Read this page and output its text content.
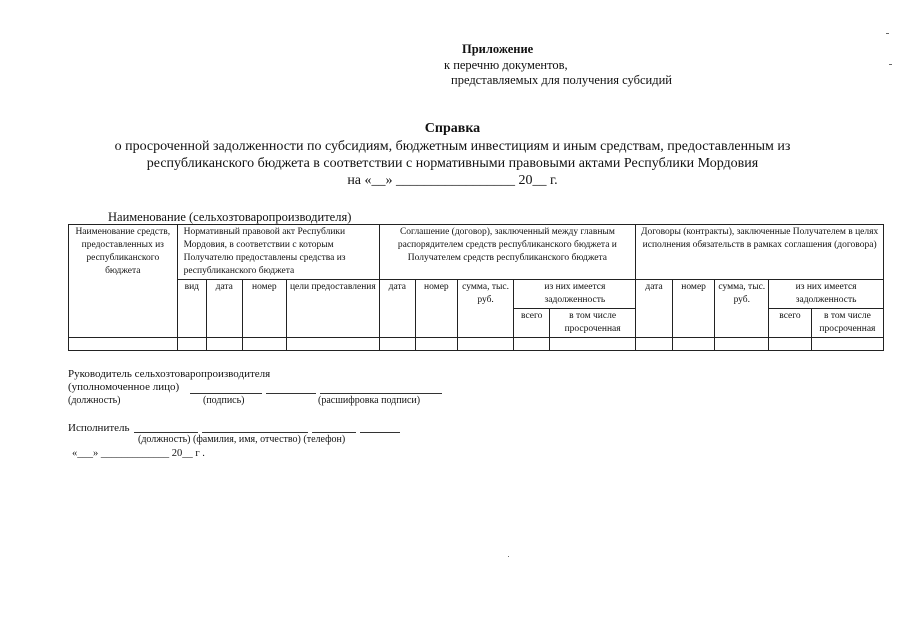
Приложение
к перечню документов,
представляемых для получения субсидий
Справка
о просроченной задолженности по субсидиям, бюджетным инвестициям и иным средствам, предоставленным из
республиканского бюджета в соответствии с нормативными правовыми актами Республики Мордовия
на «__» _________________ 20__ г.
Наименование (сельхозтоваропроизводителя)
Наименование средств, предоставленных из республиканского бюджета	Нормативный правовой акт Республики Мордовия, в соответствии с которым Получателю предоставлены средства из республиканского бюджета				Соглашение (договор), заключенный между главным распорядителем средств республиканского бюджета и Получателем средств республиканского бюджета					Договоры (контракты), заключенные Получателем в целях исполнения обязательств в рамках соглашения (договора)				
	вид	дата	номер	цели предоставления	дата	номер	сумма, тыс. руб.	из них имеется задолженность		дата	номер	сумма, тыс. руб.	из них имеется задолженность	
								всего	в том числе просроченная				всего	в том числе просроченная

Руководитель сельхозтоваропроизводителя
(уполномоченное лицо)
(должность)	(подпись)	(расшифровка подписи)
Исполнитель
(должность) (фамилия, имя, отчество) (телефон)
«___» _____________ 20__ г .
